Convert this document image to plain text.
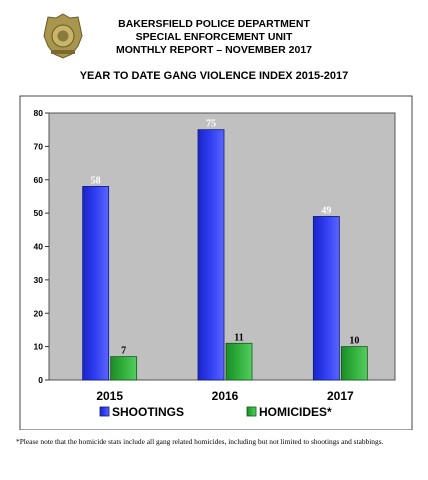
BAKERSFIELD POLICE DEPARTMENT
SPECIAL ENFORCEMENT UNIT
MONTHLY REPORT – NOVEMBER 2017
YEAR TO DATE GANG VIOLENCE INDEX 2015-2017
0
10
20
30
40
50
60
70
80
58
7
2015
75
11
2016
49
10
2017
SHOOTINGS	HOMICIDES*
*Please note that the homicide stats include all gang related homicides, including but not limited to shootings and stabbings.
